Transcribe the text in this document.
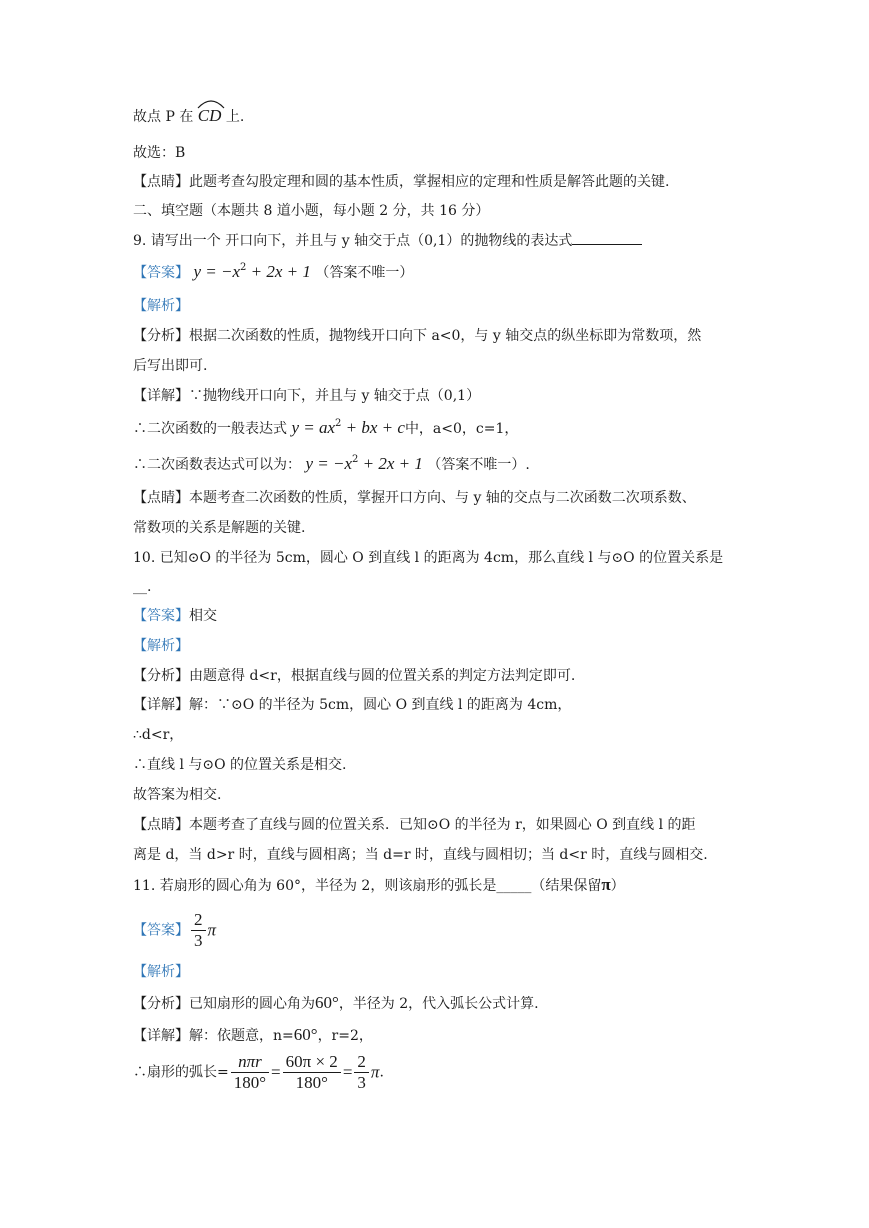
故点 P 在 CD 上.
故选：B
【点睛】此题考查勾股定理和圆的基本性质，掌握相应的定理和性质是解答此题的关键.
二、填空题（本题共 8 道小题，每小题 2 分，共 16 分）
9. 请写出一个 开口向下，并且与 y 轴交于点（0,1）的抛物线的表达式
【答案】 $y = -x^2 + 2x + 1$ （答案不唯一）
【解析】
【分析】根据二次函数的性质，抛物线开口向下 a<0，与 y 轴交点的纵坐标即为常数项，然
后写出即可.
【详解】∵抛物线开口向下，并且与 y 轴交于点（0,1）
∴二次函数的一般表达式 $y = ax^2$ + bx + c中，a<0，c=1，
∴二次函数表达式可以为： $y = -x^2 + 2x + 1$ （答案不唯一）.
【点睛】本题考查二次函数的性质，掌握开口方向、与 y 轴的交点与二次函数二次项系数、
常数项的关系是解题的关键.
10. 已知⊙O 的半径为 5cm，圆心 O 到直线 l 的距离为 4cm，那么直线 l 与⊙O 的位置关系是
__.
【答案】相交
【解析】
【分析】由题意得 d<r，根据直线与圆的位置关系的判定方法判定即可.
【详解】解：∵⊙O 的半径为 5cm，圆心 O 到直线 l 的距离为 4cm，
∴d<r，
∴直线 l 与⊙O 的位置关系是相交.
故答案为相交.
【点睛】本题考查了直线与圆的位置关系．已知⊙O 的半径为 r，如果圆心 O 到直线 l 的距
离是 d，当 d>r 时，直线与圆相离；当 d=r 时，直线与圆相切；当 d<r 时，直线与圆相交.
11. 若扇形的圆心角为 60°，半径为 2，则该扇形的弧长是_____（结果保留π）
【答案】 $\frac{2}{3}$ π
【解析】
【分析】已知扇形的圆心角为60°，半径为 2，代入弧长公式计算.
【详解】解：依题意，n=60°，r=2，
∴扇形的弧长= $\frac{\text{nπr}}{180^\circ} = \frac{60\pi \times 2}{180^\circ} = \frac{2}{3} \pi$.
